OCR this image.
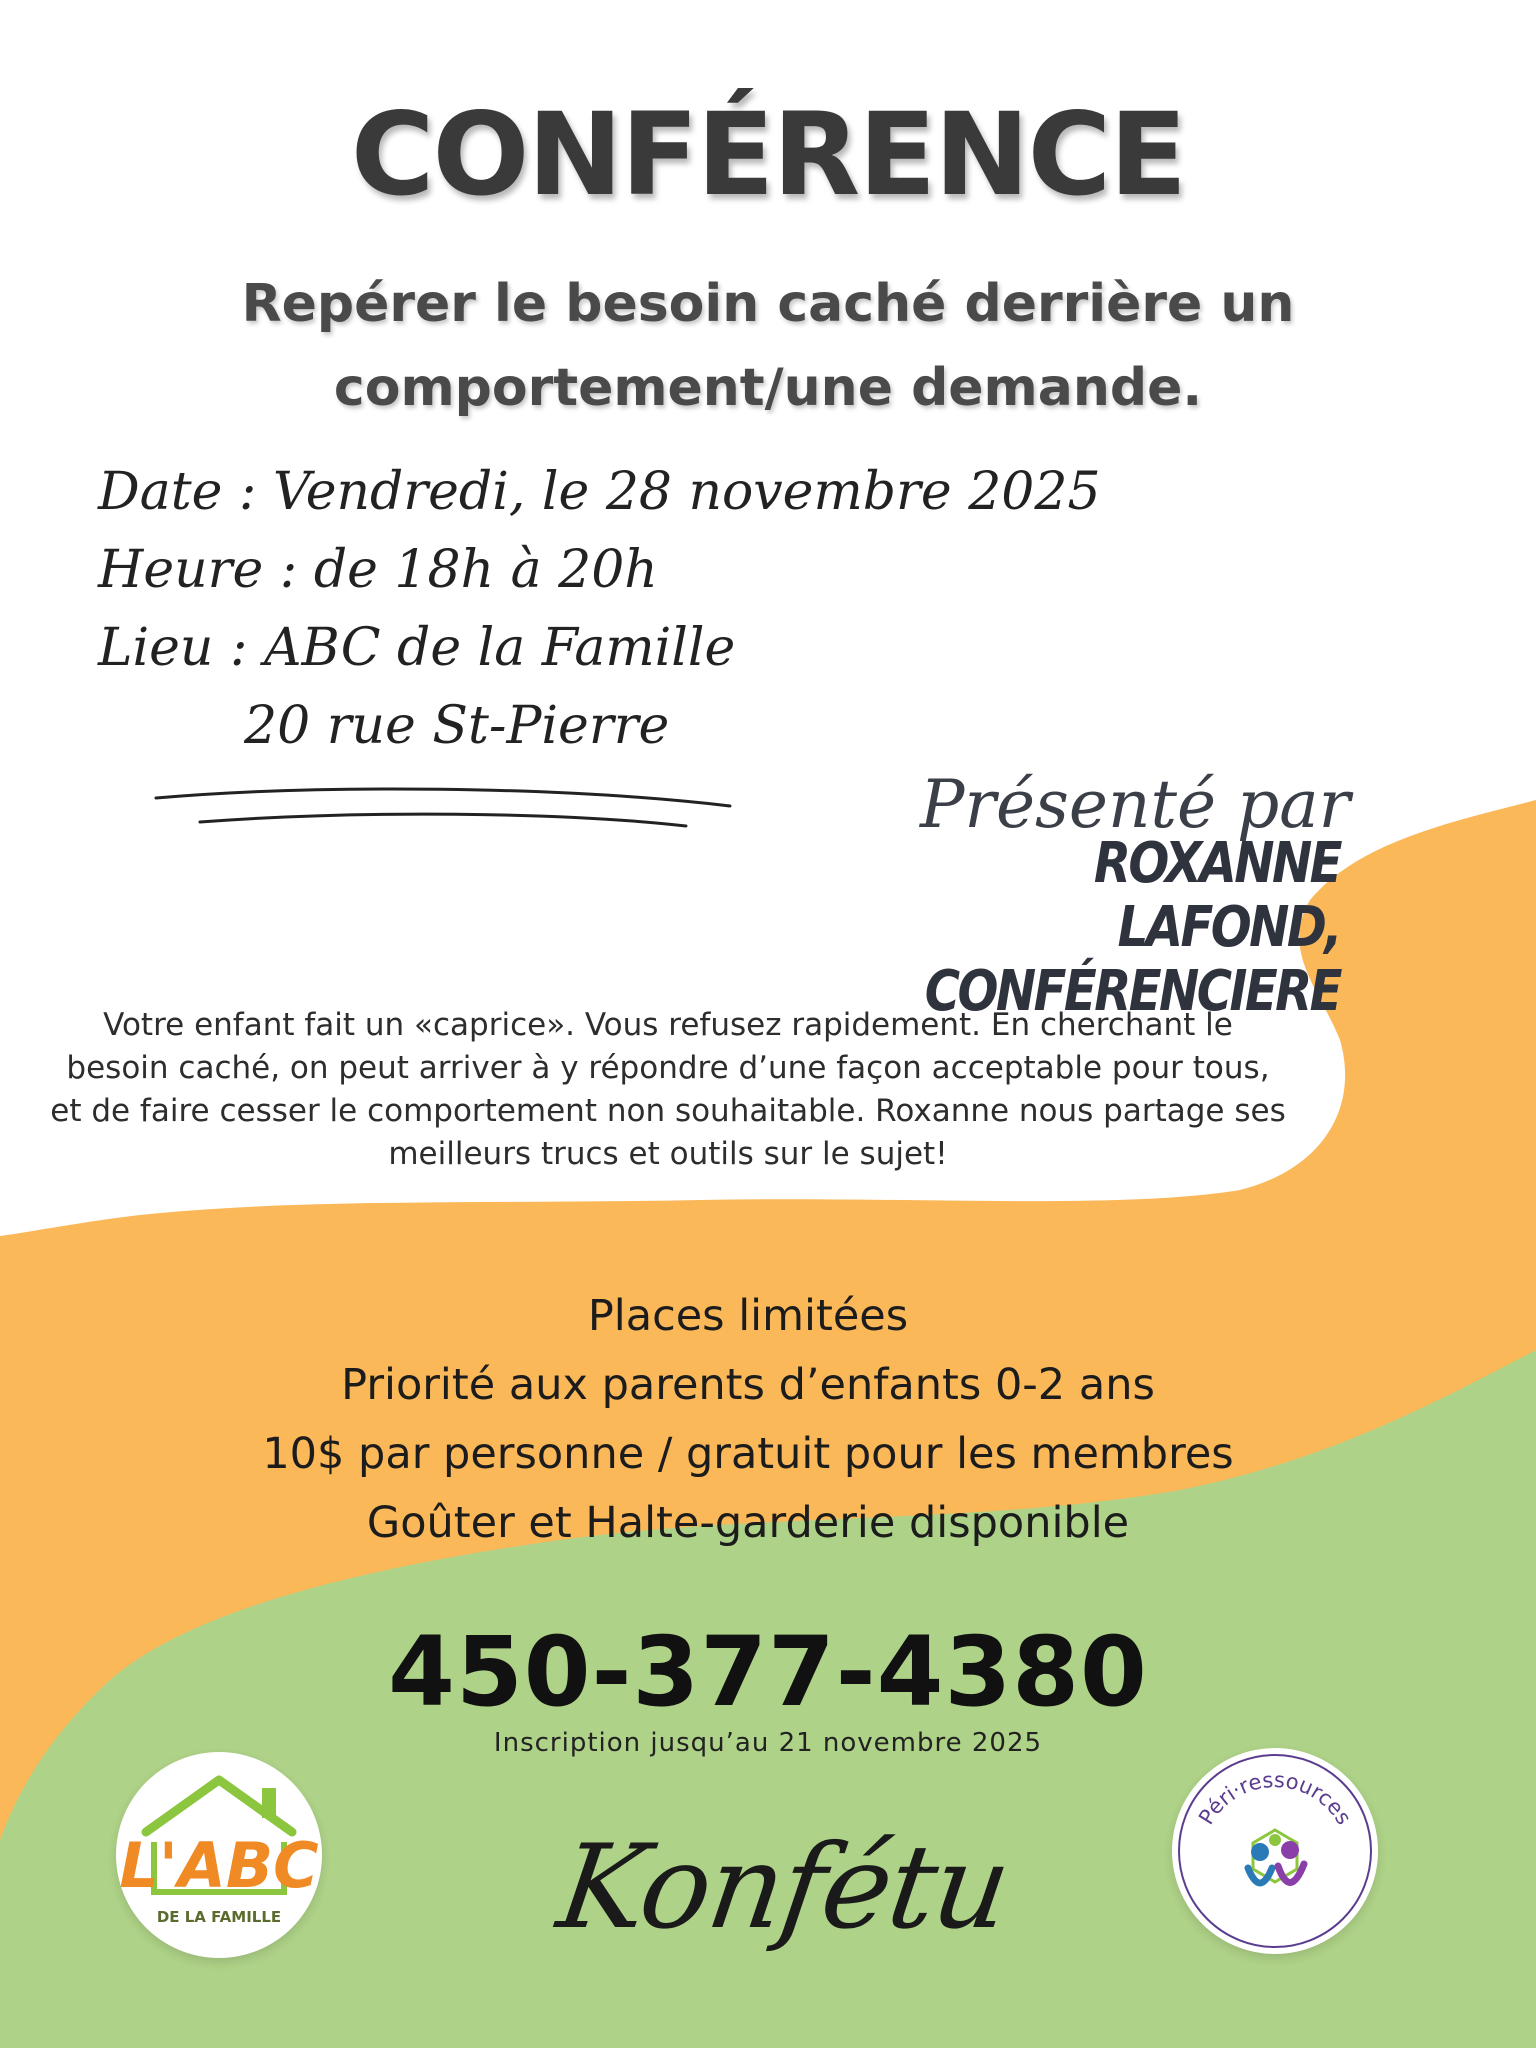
CONFÉRENCE
Repérer le besoin caché derrière un
comportement/une demande.
Date : Vendredi, le 28 novembre 2025
Heure : de 18h à 20h
Lieu : ABC de la Famille
20 rue St-Pierre
Présenté par
ROXANNE LAFOND,
CONFÉRENCIERE
Votre enfant fait un «caprice». Vous refusez rapidement. En cherchant le besoin caché, on peut arriver à y répondre d’une façon acceptable pour tous, et de faire cesser le comportement non souhaitable. Roxanne nous partage ses meilleurs trucs et outils sur le sujet!
Places limitées
Priorité aux parents d’enfants 0-2 ans
10$ par personne / gratuit pour les membres
Goûter et Halte-garderie disponible
450-377-4380
Inscription jusqu’au 21 novembre 2025
L'ABC
DE LA FAMILLE Konfétu
Péri·ressources
